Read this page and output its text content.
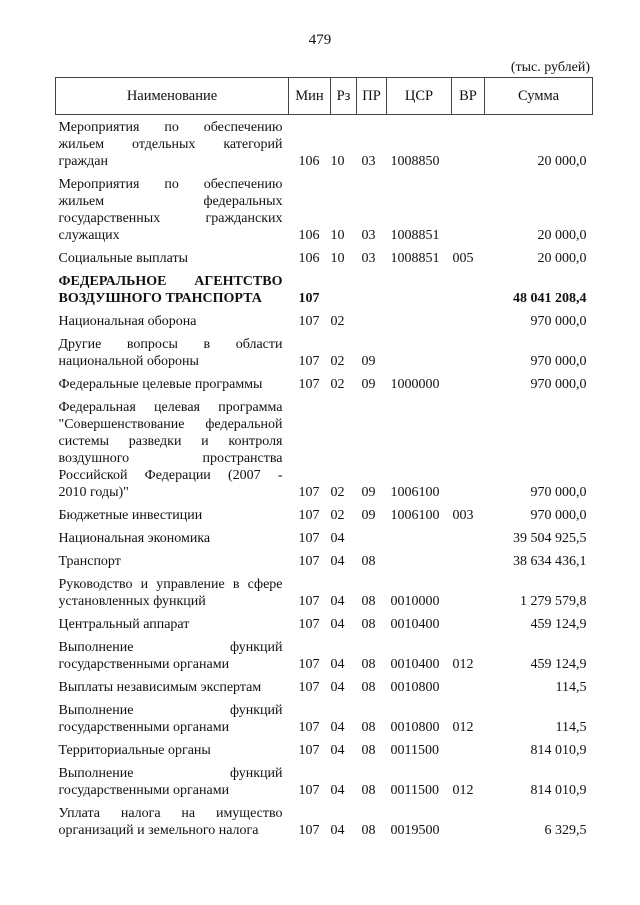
479
(тыс. рублей)
Наименование	Мин	Рз	ПР	ЦСР	ВР	Сумма

Мероприятия по обеспечению
жильем отдельных категорий
граждан	106	10	03	1008850		20 000,0

Мероприятия по обеспечению
жильем федеральных
государственных гражданских
служащих	106	10	03	1008851		20 000,0

Социальные выплаты	106	10	03	1008851	005	20 000,0

ФЕДЕРАЛЬНОЕ АГЕНТСТВО
ВОЗДУШНОГО ТРАНСПОРТА	107					48 041 208,4

Национальная оборона	107	02				970 000,0

Другие вопросы в области
национальной обороны	107	02	09			970 000,0

Федеральные целевые программы	107	02	09	1000000		970 000,0

Федеральная целевая программа
"Совершенствование федеральной
системы разведки и контроля
воздушного пространства
Российской Федерации (2007 -
2010 годы)"	107	02	09	1006100		970 000,0

Бюджетные инвестиции	107	02	09	1006100	003	970 000,0

Национальная экономика	107	04				39 504 925,5

Транспорт	107	04	08			38 634 436,1

Руководство и управление в сфере
установленных функций	107	04	08	0010000		1 279 579,8

Центральный аппарат	107	04	08	0010400		459 124,9

Выполнение функций
государственными органами	107	04	08	0010400	012	459 124,9

Выплаты независимым экспертам	107	04	08	0010800		114,5

Выполнение функций
государственными органами	107	04	08	0010800	012	114,5

Территориальные органы	107	04	08	0011500		814 010,9

Выполнение функций
государственными органами	107	04	08	0011500	012	814 010,9

Уплата налога на имущество
организаций и земельного налога	107	04	08	0019500		6 329,5
